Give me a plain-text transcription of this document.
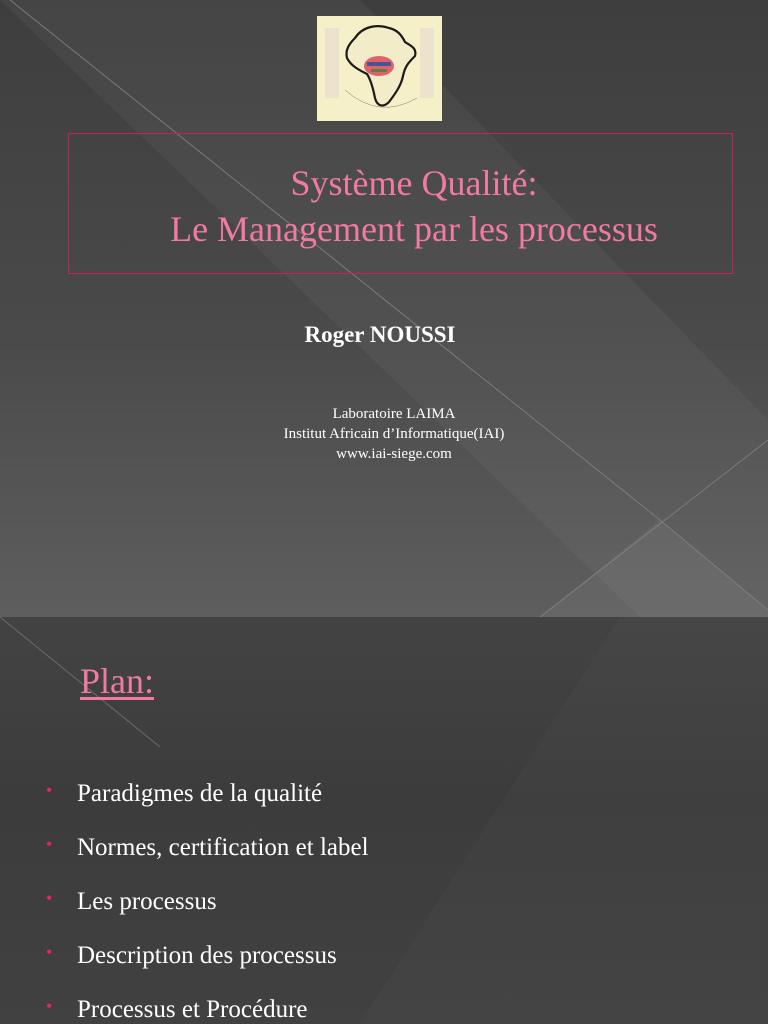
Système Qualité:
Le Management par les processus
Roger NOUSSI
Laboratoire LAIMA
Institut Africain d’Informatique(IAI)
www.iai-siege.com
Plan:
• Paradigmes de la qualité
• Normes, certification et label
• Les processus
• Description des processus
• Processus et Procédure
